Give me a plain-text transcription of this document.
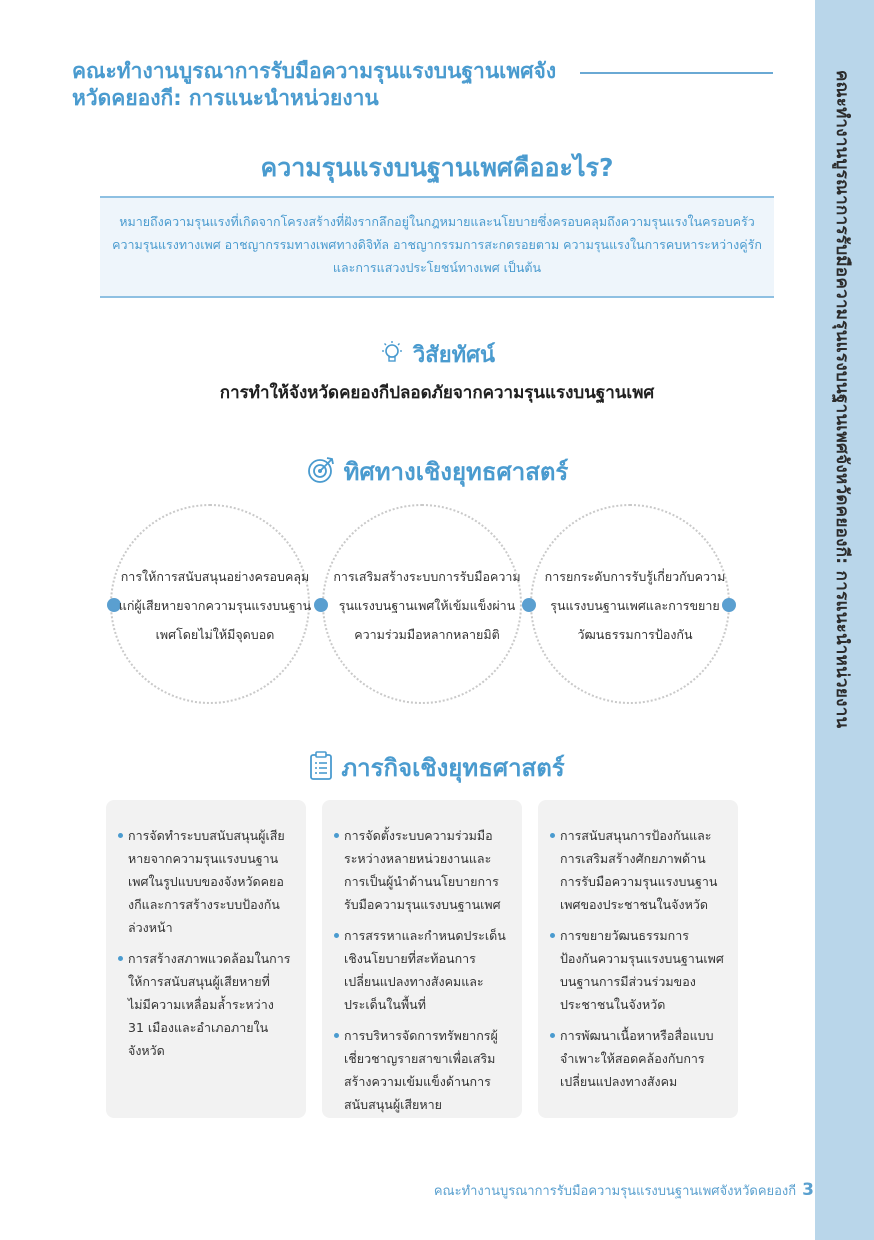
คณะทำงานบูรณาการรับมือความรุนแรงบนฐานเพศจังหวัดคยองกี: การแนะนำหน่วยงาน
คณะทำงานบูรณาการรับมือความรุนแรงบนฐานเพศจังหวัดคยองกี: การแนะนำหน่วยงาน
ความรุนแรงบนฐานเพศคืออะไร?
หมายถึงความรุนแรงที่เกิดจากโครงสร้างที่ฝังรากลึกอยู่ในกฎหมายและนโยบายซึ่งครอบคลุมถึงความรุนแรงในครอบครัว ความรุนแรงทางเพศ อาชญากรรมทางเพศทางดิจิทัล อาชญากรรมการสะกดรอยตาม ความรุนแรงในการคบหาระหว่างคู่รัก และการแสวงประโยชน์ทางเพศ เป็นต้น
วิสัยทัศน์
การทำให้จังหวัดคยองกีปลอดภัยจากความรุนแรงบนฐานเพศ
ทิศทางเชิงยุทธศาสตร์
การให้การสนับสนุนอย่างครอบคลุมแก่ผู้เสียหายจากความรุนแรงบนฐานเพศโดยไม่ให้มีจุดบอด
การเสริมสร้างระบบการรับมือความรุนแรงบนฐานเพศให้เข้มแข็งผ่านความร่วมมือหลากหลายมิติ
การยกระดับการรับรู้เกี่ยวกับความรุนแรงบนฐานเพศและการขยายวัฒนธรรมการป้องกัน
ภารกิจเชิงยุทธศาสตร์
การจัดทำระบบสนับสนุนผู้เสียหายจากความรุนแรงบนฐานเพศในรูปแบบของจังหวัดคยองกีและการสร้างระบบป้องกันล่วงหน้า
การสร้างสภาพแวดล้อมในการให้การสนับสนุนผู้เสียหายที่ไม่มีความเหลื่อมล้ำระหว่าง 31 เมืองและอำเภอภายในจังหวัด
การจัดตั้งระบบความร่วมมือระหว่างหลายหน่วยงานและการเป็นผู้นำด้านนโยบายการรับมือความรุนแรงบนฐานเพศ
การสรรหาและกำหนดประเด็นเชิงนโยบายที่สะท้อนการเปลี่ยนแปลงทางสังคมและประเด็นในพื้นที่
การบริหารจัดการทรัพยากรผู้เชี่ยวชาญรายสาขาเพื่อเสริมสร้างความเข้มแข็งด้านการสนับสนุนผู้เสียหาย
การสนับสนุนการป้องกันและการเสริมสร้างศักยภาพด้านการรับมือความรุนแรงบนฐานเพศของประชาชนในจังหวัด
การขยายวัฒนธรรมการป้องกันความรุนแรงบนฐานเพศบนฐานการมีส่วนร่วมของประชาชนในจังหวัด
การพัฒนาเนื้อหาหรือสื่อแบบจำเพาะให้สอดคล้องกับการเปลี่ยนแปลงทางสังคม
คณะทำงานบูรณาการรับมือความรุนแรงบนฐานเพศจังหวัดคยองกี 3
